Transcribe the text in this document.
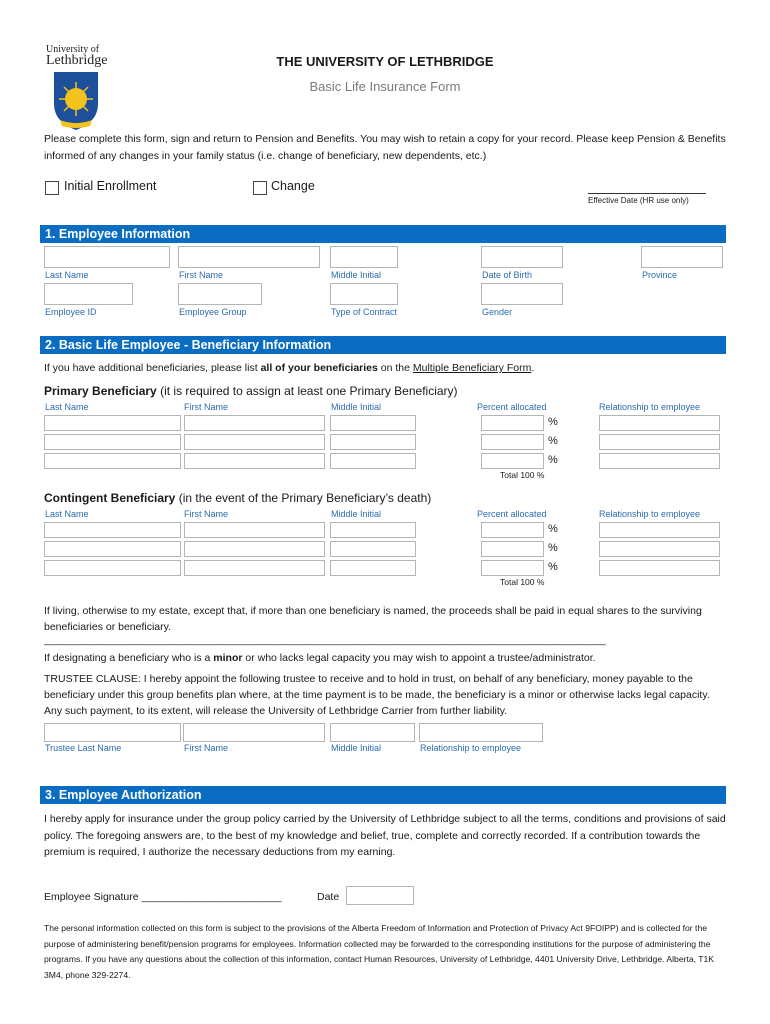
University of
Lethbridge	THE UNIVERSITY OF LETHBRIDGE
Basic Life Insurance Form
Please complete this form, sign and return to Pension and Benefits. You may wish to retain a copy for your record. Please keep Pension & Benefits informed of any changes in your family status (i.e. change of beneficiary, new dependents, etc.)
Initial Enrollment	Change
Effective Date (HR use only)
1. Employee Information
Last Name	First Name	Middle Initial	Date of Birth	Province
Employee ID	Employee Group	Type of Contract	Gender
2. Basic Life Employee - Beneficiary Information
If you have additional beneficiaries, please list all of your beneficiaries on the Multiple Beneficiary Form.
Primary Beneficiary (it is required to assign at least one Primary Beneficiary)
Contingent Beneficiary (in the event of the Primary Beneficiary’s death)
If living, otherwise to my estate, except that, if more than one beneficiary is named, the proceeds shall be paid in equal shares to the surviving beneficiaries or beneficiary.
_____________________________________________________________________________________________________
If designating a beneficiary who is a minor or who lacks legal capacity you may wish to appoint a trustee/administrator.
TRUSTEE CLAUSE: I hereby appoint the following trustee to receive and to hold in trust, on behalf of any beneficiary, money payable to the beneficiary under this group benefits plan where, at the time payment is to be made, the beneficiary is a minor or otherwise lacks legal capacity. Any such payment, to its extent, will release the University of Lethbridge Carrier from further liability.
Trustee Last Name	First Name	Middle Initial	Relationship to employee
3. Employee Authorization
I hereby apply for insurance under the group policy carried by the University of Lethbridge subject to all the terms, conditions and provisions of said policy. The foregoing answers are, to the best of my knowledge and belief, true, complete and correctly recorded. If a contribution towards the premium is required, I authorize the necessary deductions from my earning.
Employee Signature ________________________	Date
The personal information collected on this form is subject to the provisions of the Alberta Freedom of Information and Protection of Privacy Act 9FOIPP) and is collected for the purpose of administering benefit/pension programs for employees. Information collected may be forwarded to the corresponding institutions for the purpose of administering the programs. If you have any questions about the collection of this information, contact Human Resources, University of Lethbridge, 4401 University Drive, Lethbridge. Alberta, T1K 3M4, phone 329-2274.
Last Name	First Name	Middle Initial	Percent allocated	Relationship to employee
%
%
%
Total 100 %
Last Name	First Name	Middle Initial	Percent allocated	Relationship to employee
%
%
%
Total 100 %
